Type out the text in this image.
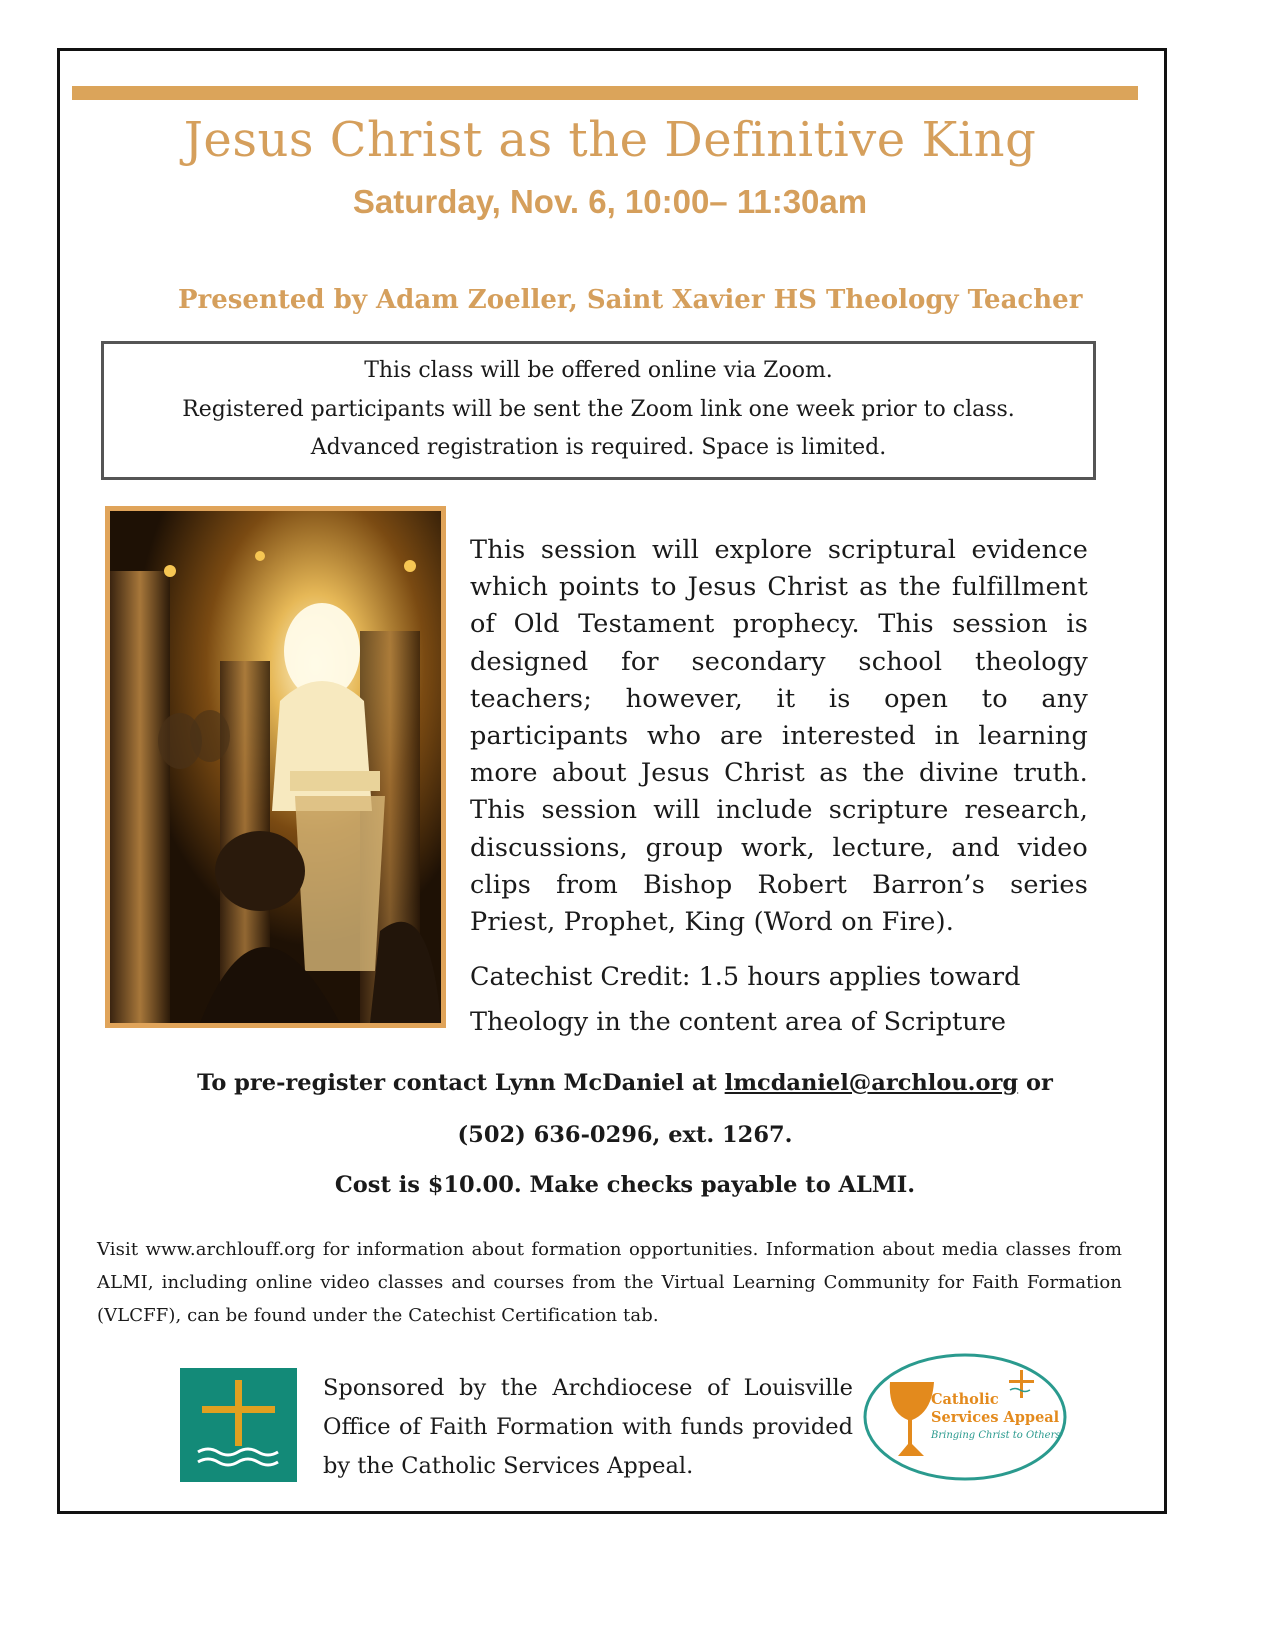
Jesus Christ as the Definitive King
Saturday, Nov. 6, 10:00– 11:30am
Presented by Adam Zoeller, Saint Xavier HS Theology Teacher
This class will be offered online via Zoom.
Registered participants will be sent the Zoom link one week prior to class.
Advanced registration is required. Space is limited.
This session will explore scriptural evidence which points to Jesus Christ as the fulfillment of Old Testament prophecy. This session is designed for secondary school theology teachers; however, it is open to any participants who are interested in learning more about Jesus Christ as the divine truth. This session will include scripture research, discussions, group work, lecture, and video clips from Bishop Robert Barron’s series Priest, Prophet, King (Word on Fire).
Catechist Credit: 1.5 hours applies toward
Theology in the content area of Scripture
To pre-register contact Lynn McDaniel at lmcdaniel@archlou.org or
(502) 636-0296, ext. 1267.
Cost is $10.00. Make checks payable to ALMI.
Visit www.archlouff.org for information about formation opportunities. Information about media classes from ALMI, including online video classes and courses from the Virtual Learning Community for Faith Formation (VLCFF), can be found under the Catechist Certification tab.
Sponsored by the Archdiocese of Louisville Office of Faith Formation with funds provided by the Catholic Services Appeal.
Catholic
Services Appeal
Bringing Christ to Others
